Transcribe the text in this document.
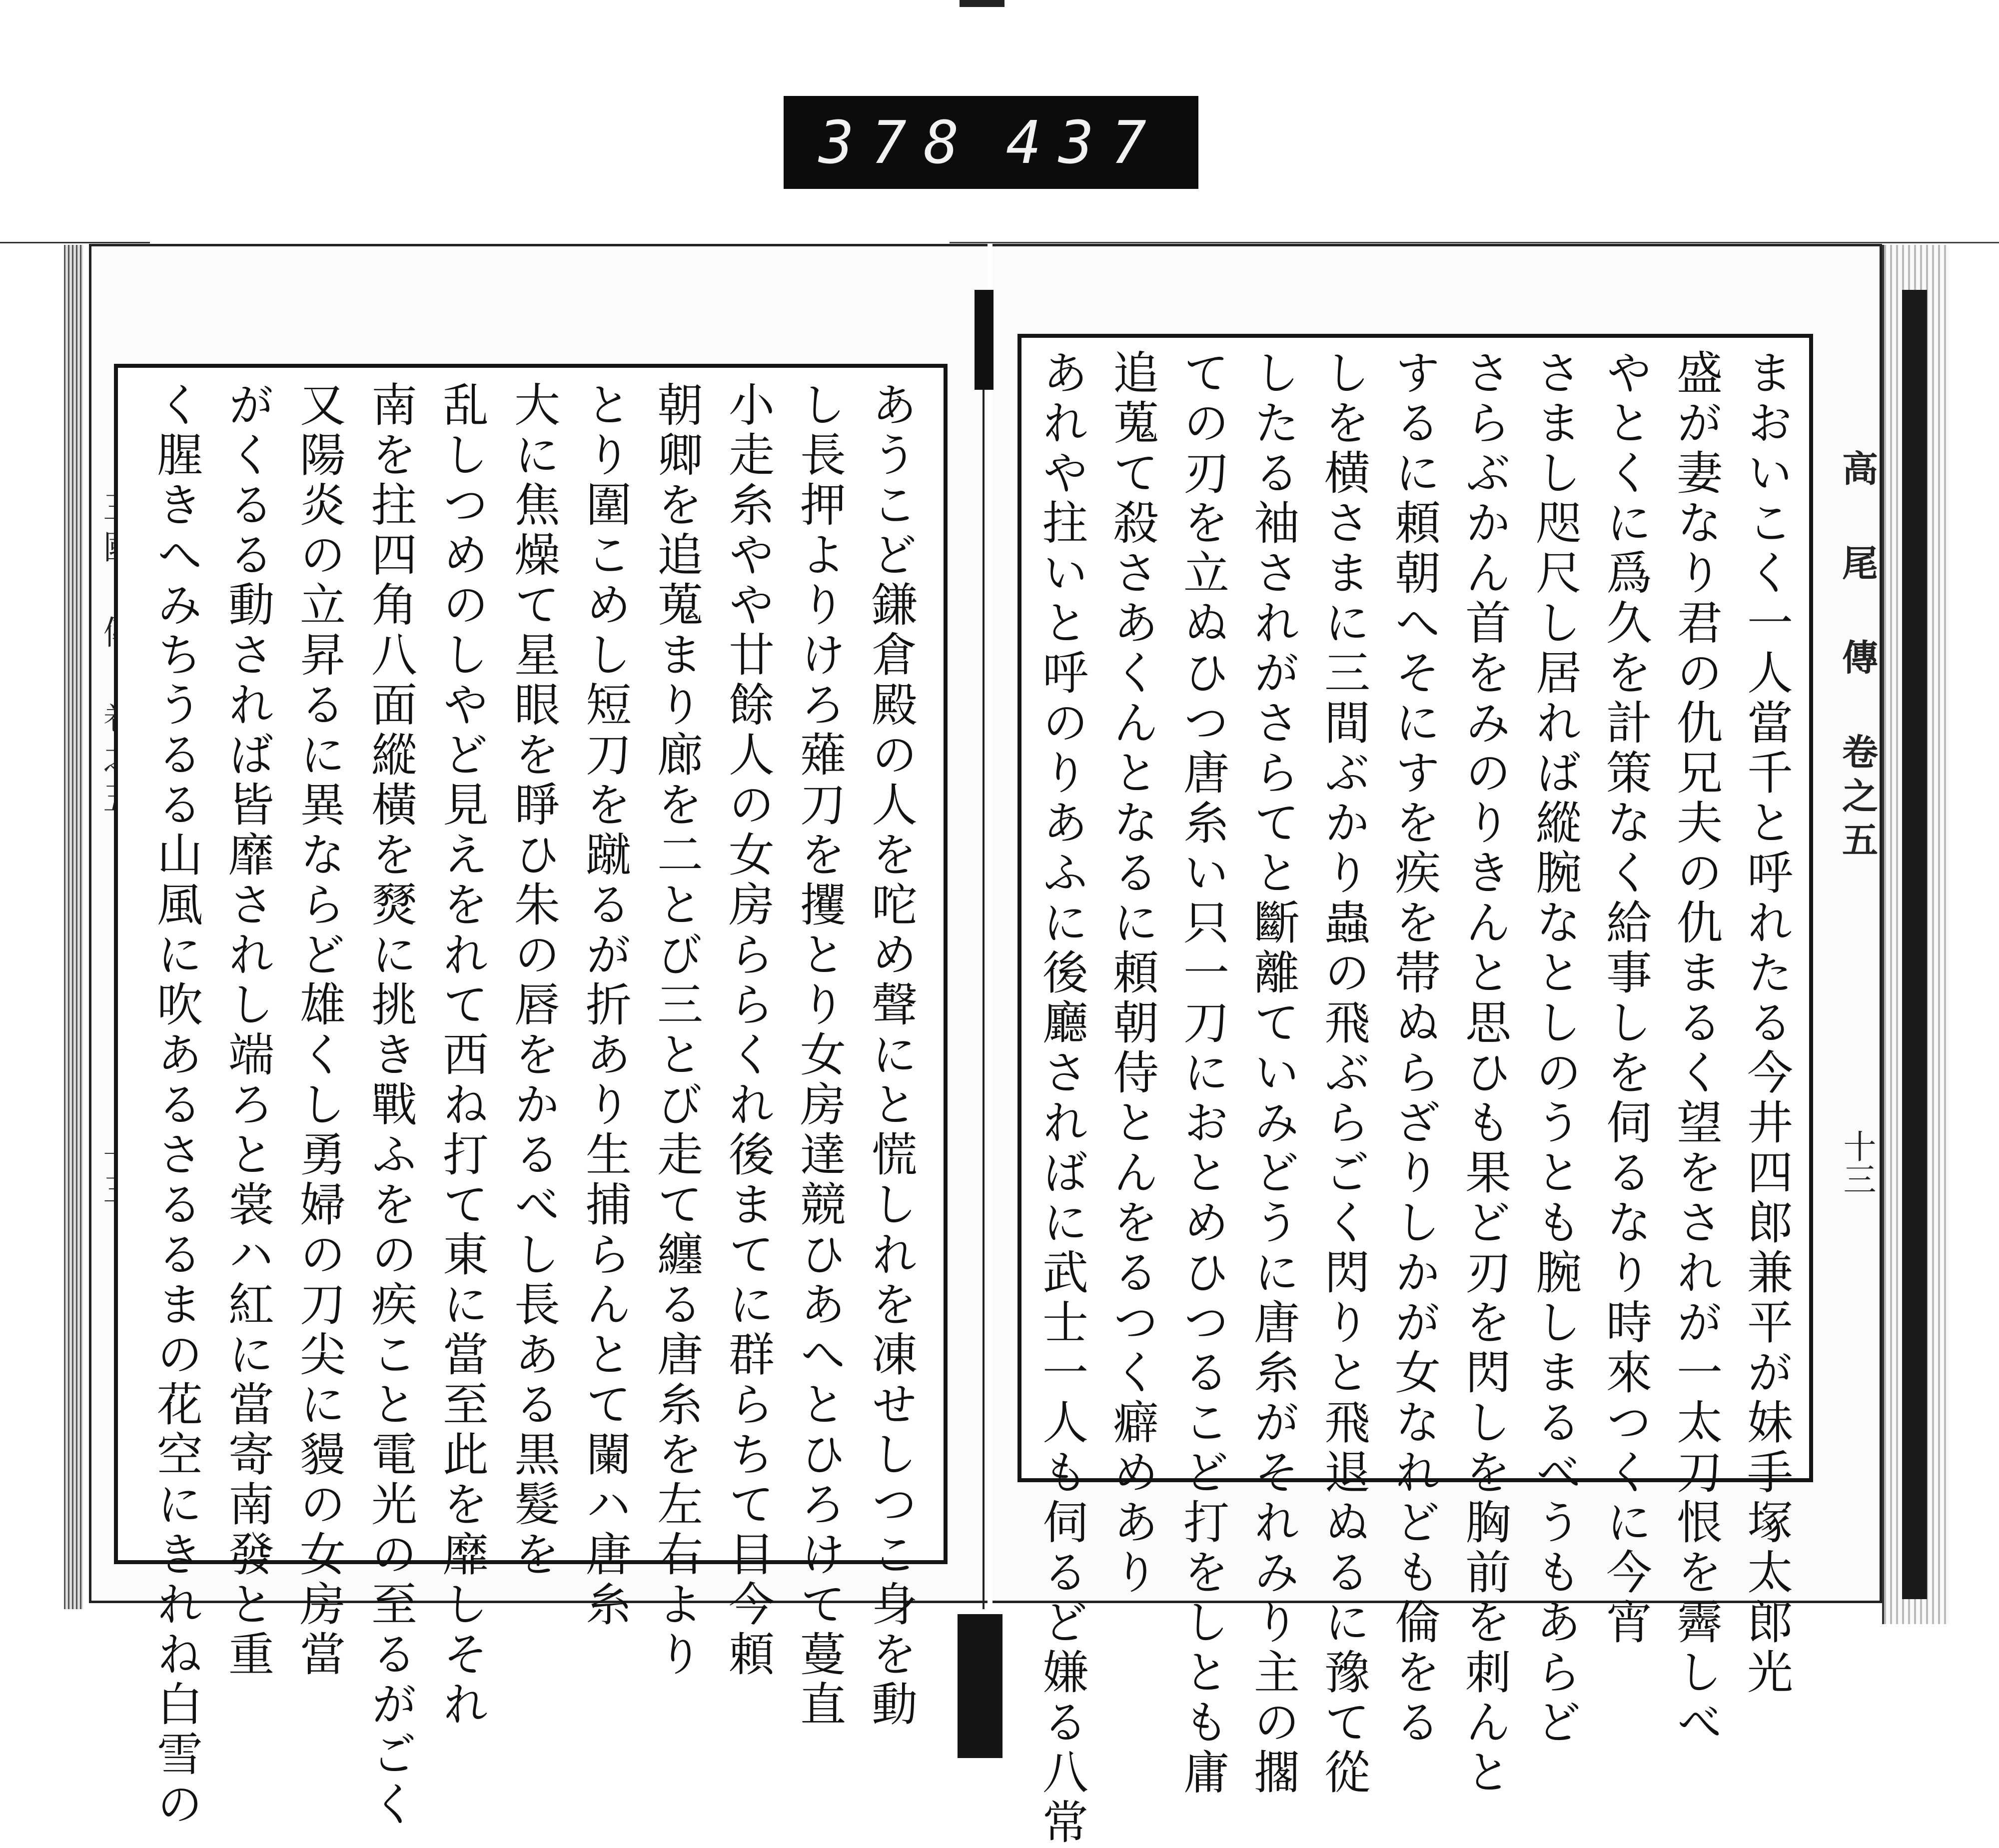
378 437
高 尾 傳 卷之五
十三
あうこど鎌倉殿の人を咜め聲にと慌しれを凍せしつこ身を動
し長押よりけろ薙刀を攫とり女房達競ひあへとひろけて蔓直
小走糸やや廿餘人の女房ららくれ後まてに群らちて目今頼
朝卿を追蒐まり廊を二とび三とび走て纏る唐糸を左右より
とり圍こめし短刀を蹴るが折あり生捕らんとて闌ハ唐糸
大に焦燥て星眼を睜ひ朱の唇をかるべし長ある黒髮を
乱しつめのしやど見えをれて西ね打て東に當至此を靡しそれ
南を拄四角八面縱橫を燹に挑き戰ふをの疾こと電光の至るがごく
又陽炎の立昇るに異ならど雄くし勇婦の刀尖に䝢の女房當
がくるる動されば皆靡されし端ろと裳ハ紅に當寄南發と重
く腥きへみちうるる山風に吹あるさるるまの花空にきれね白雪の	まおいこく一人當千と呼れたる今井四郎兼平が妹手塚太郎光
盛が妻なり君の仇兄夫の仇まるく望をされが一太刀恨を霽しべ
やとくに爲久を計策なく給事しを伺るなり時來つくに今宵
さまし咫尺し居れば縱腕なとしのうとも腕しまるべうもあらど
さらぶかん首をみのりきんと思ひも果ど刃を閃しを胸前を刺んと
するに頼朝へそにすを疾を帯ぬらざりしかが女なれども倫をる
しを横さまに三間ぶかり蟲の飛ぶらごく閃りと飛退ぬるに豫て從
したる袖されがさらてと斷離ていみどうに唐糸がそれみり主の擱
ての刃を立ぬひつ唐糸い只一刀におとめひつるこど打をしとも庸
追蒐て殺さあくんとなるに頼朝侍とんをるつく癖めあり
あれや拄いと呼のりあふに後廳さればに武士一人も伺るど嫌る八常
